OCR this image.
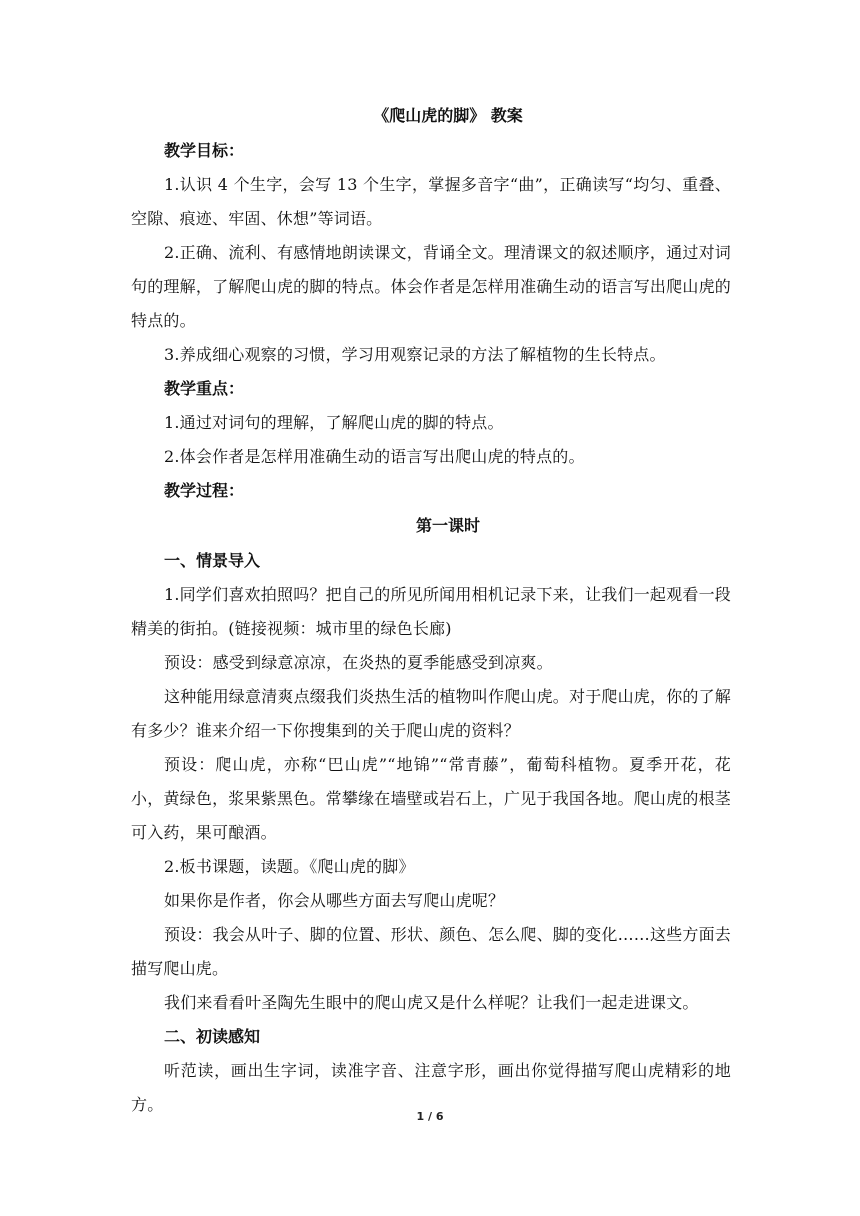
《爬山虎的脚》 教案

教学目标：

1.认识 4 个生字，会写 13 个生字，掌握多音字“曲”，正确读写“均匀、重叠、空隙、痕迹、牢固、休想”等词语。

2.正确、流利、有感情地朗读课文，背诵全文。理清课文的叙述顺序，通过对词句的理解，了解爬山虎的脚的特点。体会作者是怎样用准确生动的语言写出爬山虎的特点的。

3.养成细心观察的习惯，学习用观察记录的方法了解植物的生长特点。

教学重点：

1.通过对词句的理解，了解爬山虎的脚的特点。

2.体会作者是怎样用准确生动的语言写出爬山虎的特点的。

教学过程：

第一课时

一、情景导入

1.同学们喜欢拍照吗？把自己的所见所闻用相机记录下来，让我们一起观看一段精美的街拍。(链接视频：城市里的绿色长廊)

预设：感受到绿意凉凉，在炎热的夏季能感受到凉爽。

这种能用绿意清爽点缀我们炎热生活的植物叫作爬山虎。对于爬山虎，你的了解有多少？谁来介绍一下你搜集到的关于爬山虎的资料？

预设：爬山虎，亦称“巴山虎”“地锦”“常青藤”，葡萄科植物。夏季开花，花小，黄绿色，浆果紫黑色。常攀缘在墙壁或岩石上，广见于我国各地。爬山虎的根茎可入药，果可酿酒。

2.板书课题，读题。《爬山虎的脚》

如果你是作者，你会从哪些方面去写爬山虎呢？

预设：我会从叶子、脚的位置、形状、颜色、怎么爬、脚的变化……这些方面去描写爬山虎。

我们来看看叶圣陶先生眼中的爬山虎又是什么样呢？让我们一起走进课文。

二、初读感知

听范读，画出生字词，读准字音、注意字形，画出你觉得描写爬山虎精彩的地方。

1 / 6
